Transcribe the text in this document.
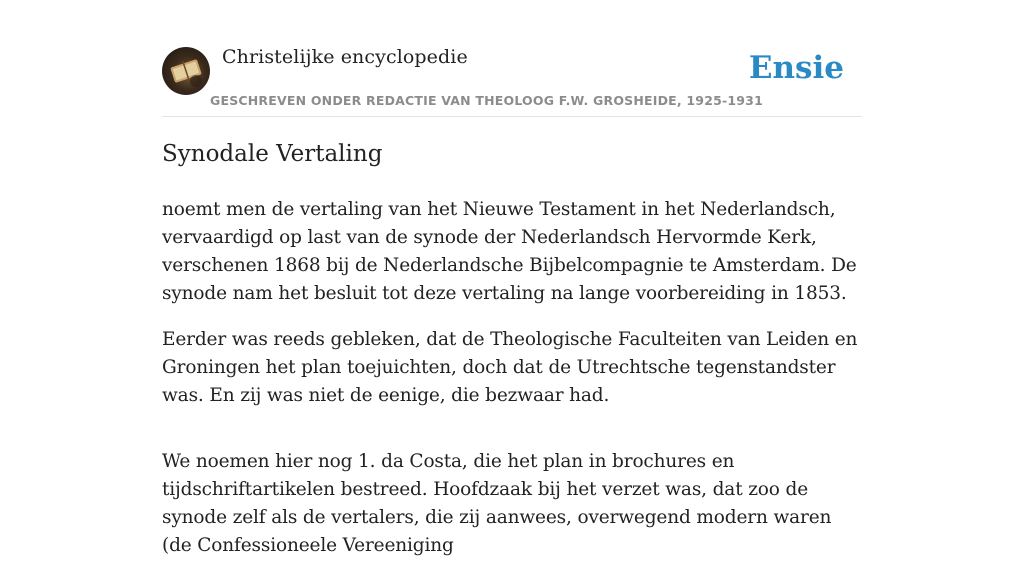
Christelijke encyclopedie
GESCHREVEN ONDER REDACTIE VAN THEOLOOG F.W. GROSHEIDE, 1925-1931
Ensie
Synodale Vertaling

noemt men de vertaling van het Nieuwe Testament in het Nederlandsch, vervaardigd op last van de synode der Nederlandsch Hervormde Kerk, verschenen 1868 bij de Nederlandsche Bijbelcompagnie te Amsterdam. De synode nam het besluit tot deze vertaling na lange voorbereiding in 1853.

Eerder was reeds gebleken, dat de Theologische Faculteiten van Leiden en Groningen het plan toejuichten, doch dat de Utrechtsche tegenstandster was. En zij was niet de eenige, die bezwaar had.

We noemen hier nog 1. da Costa, die het plan in brochures en tijdschriftartikelen bestreed. Hoofdzaak bij het verzet was, dat zoo de synode zelf als de vertalers, die zij aanwees, overwegend modern waren (de Confessioneele Vereeniging
